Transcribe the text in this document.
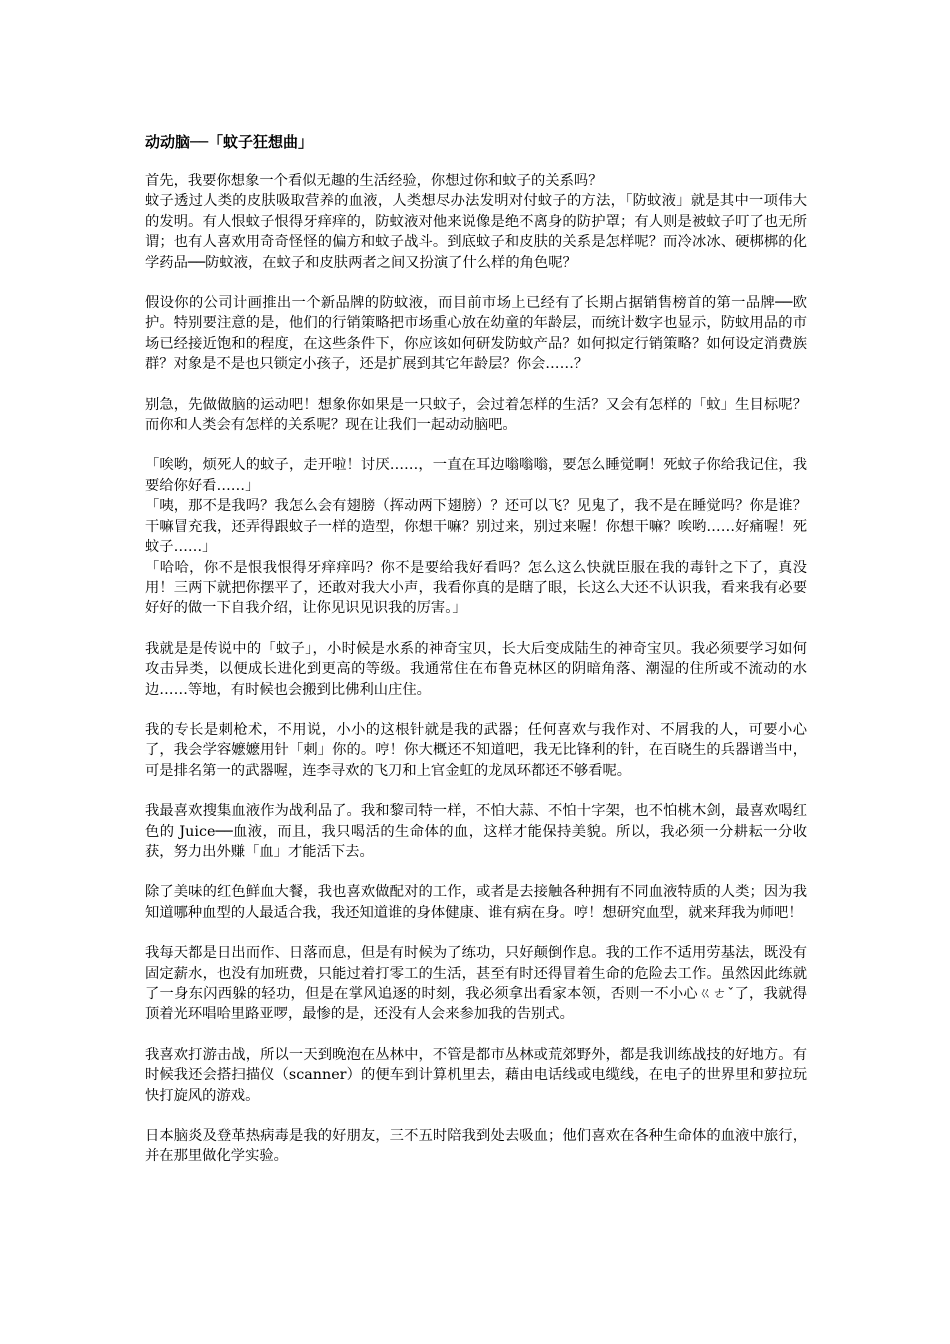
动动脑──「蚊子狂想曲」
首先，我要你想象一个看似无趣的生活经验，你想过你和蚊子的关系吗？
蚊子透过人类的皮肤吸取营养的血液，人类想尽办法发明对付蚊子的方法，「防蚊液」就是其中一项伟大的发明。有人恨蚊子恨得牙痒痒的，防蚊液对他来说像是绝不离身的防护罩；有人则是被蚊子叮了也无所谓；也有人喜欢用奇奇怪怪的偏方和蚊子战斗。到底蚊子和皮肤的关系是怎样呢？而冷冰冰、硬梆梆的化学药品──防蚊液，在蚊子和皮肤两者之间又扮演了什么样的角色呢？
假设你的公司计画推出一个新品牌的防蚊液，而目前市场上已经有了长期占据销售榜首的第一品牌──欧护。特别要注意的是，他们的行销策略把市场重心放在幼童的年龄层，而统计数字也显示，防蚊用品的市场已经接近饱和的程度，在这些条件下，你应该如何研发防蚊产品？如何拟定行销策略？如何设定消费族群？对象是不是也只锁定小孩子，还是扩展到其它年龄层？你会……？
别急，先做做脑的运动吧！想象你如果是一只蚊子，会过着怎样的生活？又会有怎样的「蚊」生目标呢？而你和人类会有怎样的关系呢？现在让我们一起动动脑吧。
「唉哟，烦死人的蚊子，走开啦！讨厌……，一直在耳边嗡嗡嗡，要怎么睡觉啊！死蚊子你给我记住，我要给你好看……」
「咦，那不是我吗？我怎么会有翅膀（挥动两下翅膀）？还可以飞？见鬼了，我不是在睡觉吗？你是谁？干嘛冒充我，还弄得跟蚊子一样的造型，你想干嘛？别过来，别过来喔！你想干嘛？唉哟……好痛喔！死蚊子……」
「哈哈，你不是恨我恨得牙痒痒吗？你不是要给我好看吗？怎么这么快就臣服在我的毒针之下了，真没用！三两下就把你摆平了，还敢对我大小声，我看你真的是瞎了眼，长这么大还不认识我，看来我有必要好好的做一下自我介绍，让你见识见识我的厉害。」
我就是是传说中的「蚊子」，小时候是水系的神奇宝贝，长大后变成陆生的神奇宝贝。我必须要学习如何攻击异类，以便成长进化到更高的等级。我通常住在布鲁克林区的阴暗角落、潮湿的住所或不流动的水边……等地，有时候也会搬到比佛利山庄住。
我的专长是刺枪术，不用说，小小的这根针就是我的武器；任何喜欢与我作对、不屑我的人，可要小心了，我会学容嬷嬷用针「刺」你的。哼！你大概还不知道吧，我无比锋利的针，在百晓生的兵器谱当中，可是排名第一的武器喔，连李寻欢的飞刀和上官金虹的龙凤环都还不够看呢。
我最喜欢搜集血液作为战利品了。我和黎司特一样，不怕大蒜、不怕十字架，也不怕桃木剑，最喜欢喝红色的 Juice──血液，而且，我只喝活的生命体的血，这样才能保持美貌。所以，我必须一分耕耘一分收获，努力出外赚「血」才能活下去。
除了美味的红色鲜血大餐，我也喜欢做配对的工作，或者是去接触各种拥有不同血液特质的人类；因为我知道哪种血型的人最适合我，我还知道谁的身体健康、谁有病在身。哼！想研究血型，就来拜我为师吧！
我每天都是日出而作、日落而息，但是有时候为了练功，只好颠倒作息。我的工作不适用劳基法，既没有固定薪水，也没有加班费，只能过着打零工的生活，甚至有时还得冒着生命的危险去工作。虽然因此练就了一身东闪西躲的轻功，但是在掌风追逐的时刻，我必须拿出看家本领，否则一不小心ㄍㄜˇ了，我就得顶着光环唱哈里路亚啰，最惨的是，还没有人会来参加我的告别式。
我喜欢打游击战，所以一天到晚泡在丛林中，不管是都市丛林或荒郊野外，都是我训练战技的好地方。有时候我还会搭扫描仪（scanner）的便车到计算机里去，藉由电话线或电缆线，在电子的世界里和萝拉玩快打旋风的游戏。
日本脑炎及登革热病毒是我的好朋友，三不五时陪我到处去吸血；他们喜欢在各种生命体的血液中旅行，并在那里做化学实验。
